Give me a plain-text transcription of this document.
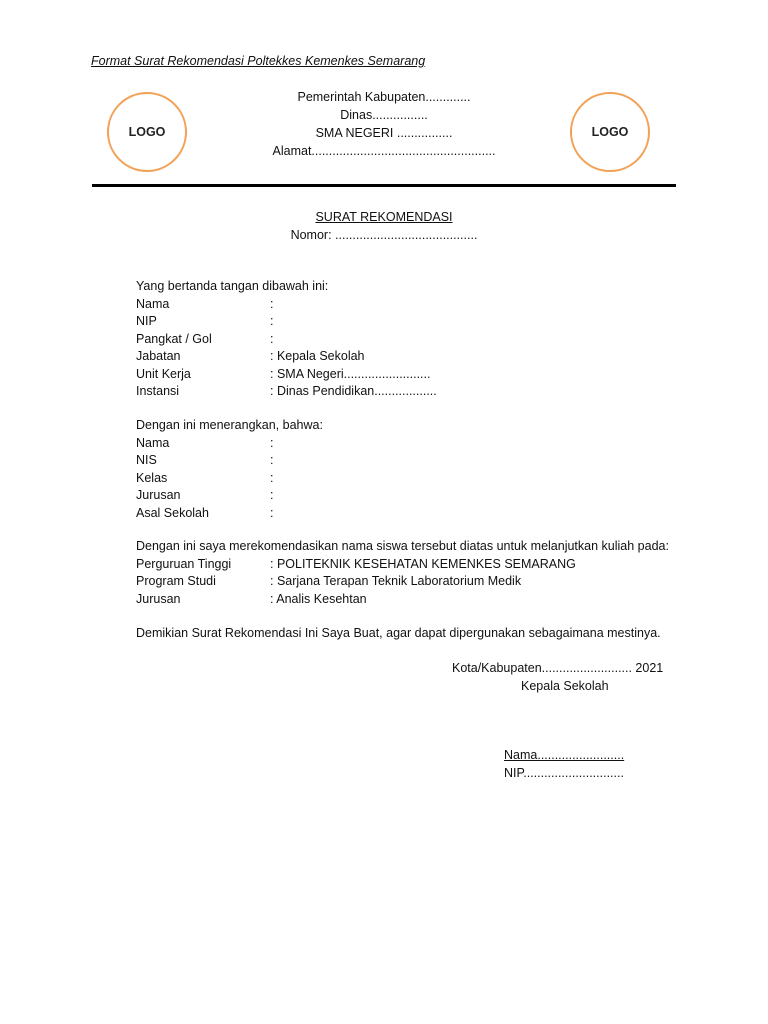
Format Surat Rekomendasi Poltekkes Kemenkes Semarang
LOGO
Pemerintah Kabupaten.............
Dinas................
SMA NEGERI ................
Alamat.....................................................
LOGO
SURAT REKOMENDASI
Nomor: .........................................
Yang bertanda tangan dibawah ini:
Nama	:
NIP	:
Pangkat / Gol	:
Jabatan	: Kepala Sekolah
Unit Kerja	: SMA Negeri.........................
Instansi	: Dinas Pendidikan..................
Dengan ini menerangkan, bahwa:
Nama	:
NIS	:
Kelas	:
Jurusan	:
Asal Sekolah	:
Dengan ini saya merekomendasikan nama siswa tersebut diatas untuk melanjutkan kuliah pada:
Perguruan Tinggi	: POLITEKNIK KESEHATAN KEMENKES SEMARANG
Program Studi	: Sarjana Terapan Teknik Laboratorium Medik
Jurusan	: Analis Kesehtan
Demikian Surat Rekomendasi Ini Saya Buat, agar dapat dipergunakan sebagaimana mestinya.
Kota/Kabupaten.......................... 2021
Kepala Sekolah
Nama.........................
NIP.............................
